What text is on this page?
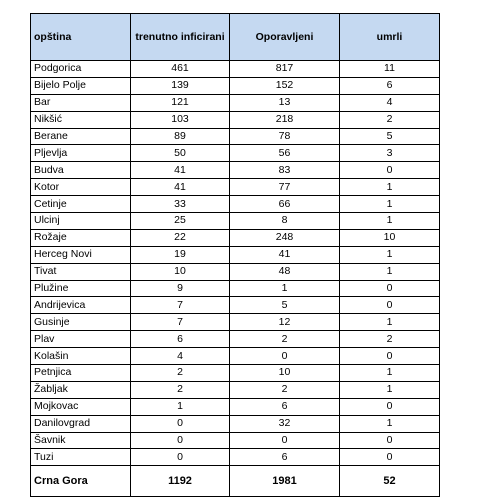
opština	trenutno inficirani	Oporavljeni	umrli
Podgorica	461	817	11
Bijelo Polje	139	152	6
Bar	121	13	4
Nikšić	103	218	2
Berane	89	78	5
Pljevlja	50	56	3
Budva	41	83	0
Kotor	41	77	1
Cetinje	33	66	1
Ulcinj	25	8	1
Rožaje	22	248	10
Herceg Novi	19	41	1
Tivat	10	48	1
Plužine	9	1	0
Andrijevica	7	5	0
Gusinje	7	12	1
Plav	6	2	2
Kolašin	4	0	0
Petnjica	2	10	1
Žabljak	2	2	1
Mojkovac	1	6	0
Danilovgrad	0	32	1
Šavnik	0	0	0
Tuzi	0	6	0
Crna Gora	1192	1981	52
